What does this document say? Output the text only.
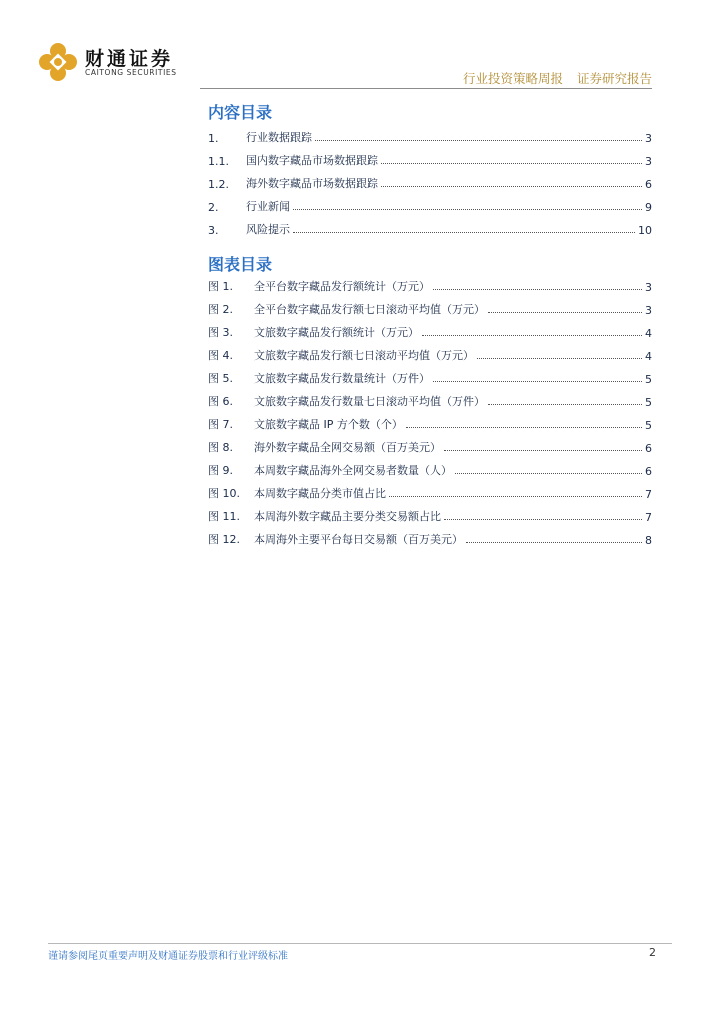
财通证券
CAITONG SECURITIES	行业投资策略周报 证券研究报告
内容目录
1.	行业数据跟踪	3
1.1.	国内数字藏品市场数据跟踪	3
1.2.	海外数字藏品市场数据跟踪	6
2.	行业新闻	9
3.	风险提示	10
图表目录
图 1.	全平台数字藏品发行额统计（万元）	3
图 2.	全平台数字藏品发行额七日滚动平均值（万元）	3
图 3.	文旅数字藏品发行额统计（万元）	4
图 4.	文旅数字藏品发行额七日滚动平均值（万元）	4
图 5.	文旅数字藏品发行数量统计（万件）	5
图 6.	文旅数字藏品发行数量七日滚动平均值（万件）	5
图 7.	文旅数字藏品 IP 方个数（个）	5
图 8.	海外数字藏品全网交易额（百万美元）	6
图 9.	本周数字藏品海外全网交易者数量（人）	6
图 10.	本周数字藏品分类市值占比	7
图 11.	本周海外数字藏品主要分类交易额占比	7
图 12.	本周海外主要平台每日交易额（百万美元）	8
谨请参阅尾页重要声明及财通证券股票和行业评级标准	2
